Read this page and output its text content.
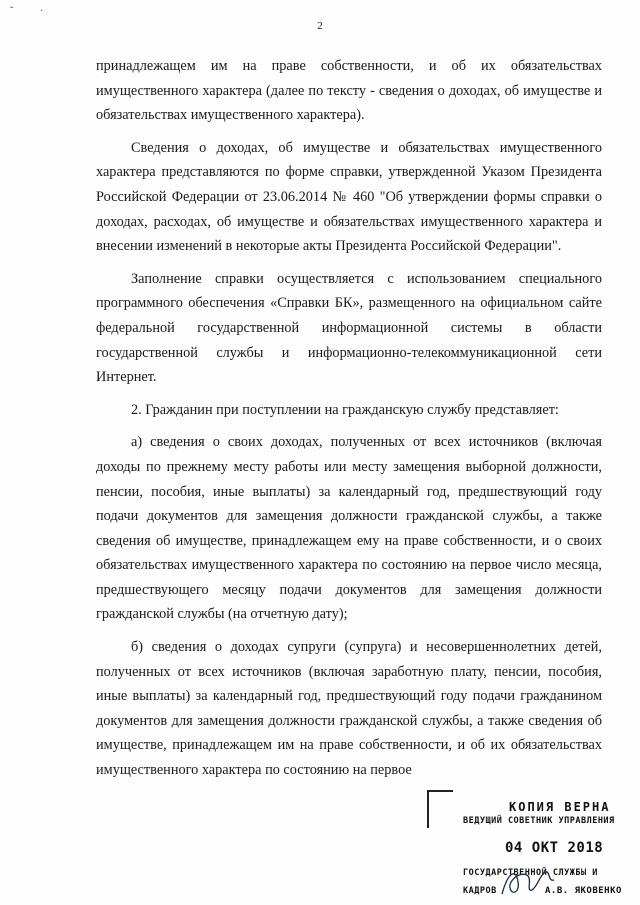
ˇ	·
2

принадлежащем им на праве собственности, и об их обязательствах имущественного характера (далее по тексту - сведения о доходах, об имуществе и обязательствах имущественного характера).

Сведения о доходах, об имуществе и обязательствах имущественного характера представляются по форме справки, утвержденной Указом Президента Российской Федерации от 23.06.2014 № 460 "Об утверждении формы справки о доходах, расходах, об имуществе и обязательствах имущественного характера и внесении изменений в некоторые акты Президента Российской Федерации".

Заполнение справки осуществляется с использованием специального программного обеспечения «Справки БК», размещенного на официальном сайте федеральной государственной информационной системы в области государственной службы и информационно-телекоммуникационной сети Интернет.

2. Гражданин при поступлении на гражданскую службу представляет:

а) сведения о своих доходах, полученных от всех источников (включая доходы по прежнему месту работы или месту замещения выборной должности, пенсии, пособия, иные выплаты) за календарный год, предшествующий году подачи документов для замещения должности гражданской службы, а также сведения об имуществе, принадлежащем ему на праве собственности, и о своих обязательствах имущественного характера по состоянию на первое число месяца, предшествующего месяцу подачи документов для замещения должности гражданской службы (на отчетную дату);

б) сведения о доходах супруги (супруга) и несовершеннолетних детей, полученных от всех источников (включая заработную плату, пенсии, пособия, иные выплаты) за календарный год, предшествующий году подачи гражданином документов для замещения должности гражданской службы, а также сведения об имуществе, принадлежащем им на праве собственности, и об их обязательствах имущественного характера по состоянию на первое

КОПИЯ ВЕРНА
ВЕДУЩИЙ СОВЕТНИК УПРАВЛЕНИЯ
04 ОКТ 2018
ГОСУДАРСТВЕННОЙ СЛУЖБЫ И
КАДРОВ	А.В. ЯКОВЕНКО
